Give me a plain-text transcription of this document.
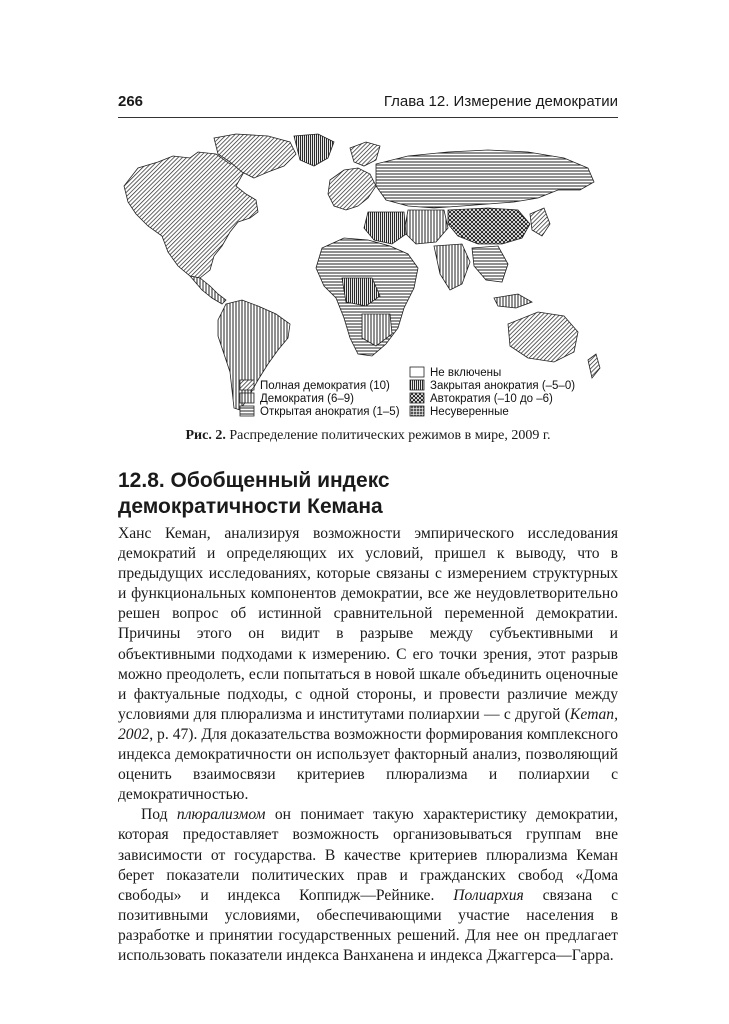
266	Глава 12. Измерение демократии
Полная демократия (10)
Демократия (6–9)
Открытая анократия (1–5)
Не включены
Закрытая анократия (–5–0)
Автократия (–10 до –6)
Несуверенные
Рис. 2. Распределение политических режимов в мире, 2009 г.
12.8. Обобщенный индекс
демократичности Кемана

Ханс Кеман, анализируя возможности эмпирического исследования демократий и определяющих их условий, пришел к выводу, что в предыдущих исследованиях, которые связаны с измерением структурных и функциональных компонентов демократии, все же неудовлетворительно решен вопрос об истинной сравнительной переменной демократии. Причины этого он видит в разрыве между субъективными и объективными подходами к измерению. С его точки зрения, этот разрыв можно преодолеть, если попытаться в новой шкале объединить оценочные и фактуальные подходы, с одной стороны, и провести различие между условиями для плюрализма и институтами полиархии — с другой (Keman, 2002, p. 47). Для доказательства возможности формирования комплексного индекса демократичности он использует факторный анализ, позволяющий оценить взаимосвязи критериев плюрализма и полиархии с демократичностью.

Под плюрализмом он понимает такую характеристику демократии, которая предоставляет возможность организовываться группам вне зависимости от государства. В качестве критериев плюрализма Кеман берет показатели политических прав и гражданских свобод «Дома свободы» и индекса Коппидж—Рейнике. Полиархия связана с позитивными условиями, обеспечивающими участие населения в разработке и принятии государственных решений. Для нее он предлагает использовать показатели индекса Ванханена и индекса Джаггерса—Гарра.
